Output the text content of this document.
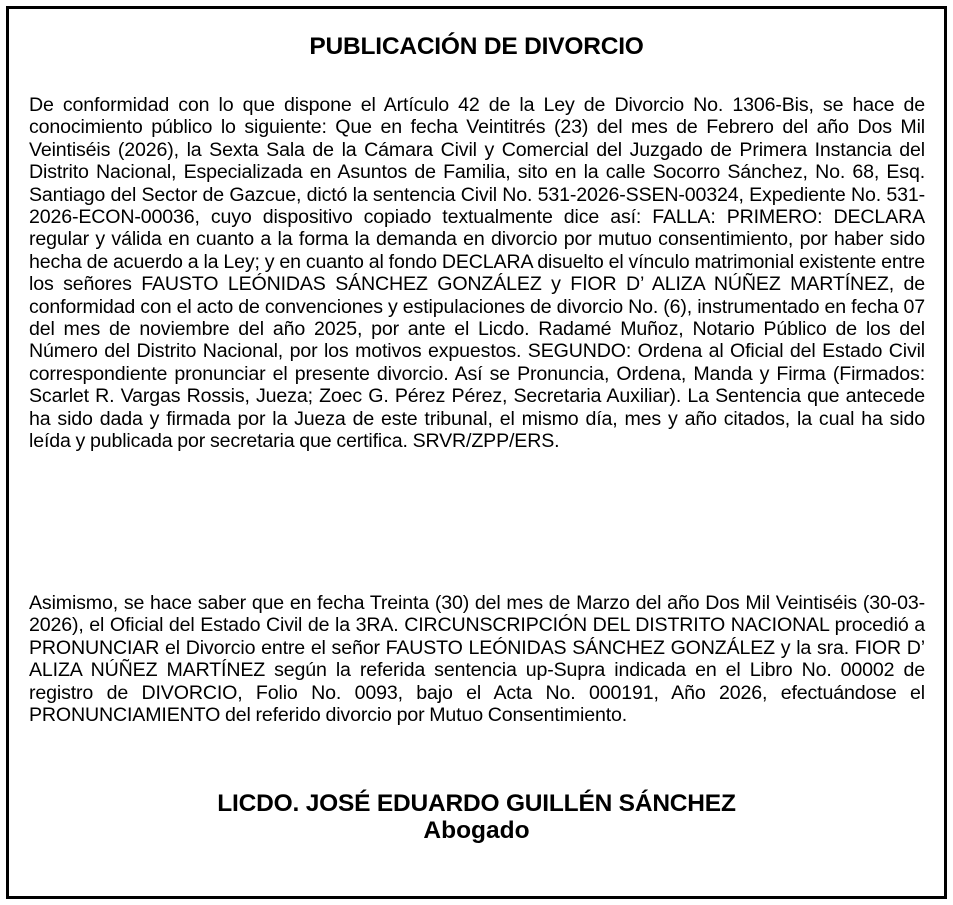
PUBLICACIÓN DE DIVORCIO

De conformidad con lo que dispone el Artículo 42 de la Ley de Divorcio No. 1306-Bis, se hace de conocimiento público lo siguiente: Que en fecha Veintitrés (23) del mes de Febrero del año Dos Mil Veintiséis (2026), la Sexta Sala de la Cámara Civil y Comercial del Juzgado de Primera Instancia del Distrito Nacional, Especializada en Asuntos de Familia, sito en la calle Socorro Sánchez, No. 68, Esq. Santiago del Sector de Gazcue, dictó la sentencia Civil No. 531-2026-SSEN-00324, Expediente No. 531-2026-ECON-00036, cuyo dispositivo copiado textualmente dice así: FALLA: PRIMERO: DECLARA regular y válida en cuanto a la forma la demanda en divorcio por mutuo consentimiento, por haber sido hecha de acuerdo a la Ley; y en cuanto al fondo DECLARA disuelto el vínculo matrimonial existente entre los señores FAUSTO LEÓNIDAS SÁNCHEZ GONZÁLEZ y FIOR D’ ALIZA NÚÑEZ MARTÍNEZ, de conformidad con el acto de convenciones y estipulaciones de divorcio No. (6), instrumentado en fecha 07 del mes de noviembre del año 2025, por ante el Licdo. Radamé Muñoz, Notario Público de los del Número del Distrito Nacional, por los motivos expuestos. SEGUNDO: Ordena al Oficial del Estado Civil correspondiente pronunciar el presente divorcio. Así se Pronuncia, Ordena, Manda y Firma (Firmados: Scarlet R. Vargas Rossis, Jueza; Zoec G. Pérez Pérez, Secretaria Auxiliar). La Sentencia que antecede ha sido dada y firmada por la Jueza de este tribunal, el mismo día, mes y año citados, la cual ha sido leída y publicada por secretaria que certifica. SRVR/ZPP/ERS.

Asimismo, se hace saber que en fecha Treinta (30) del mes de Marzo del año Dos Mil Veintiséis (30-03-2026), el Oficial del Estado Civil de la 3RA. CIRCUNSCRIPCIÓN DEL DISTRITO NACIONAL procedió a PRONUNCIAR el Divorcio entre el señor FAUSTO LEÓNIDAS SÁNCHEZ GONZÁLEZ y la sra. FIOR D’ ALIZA NÚÑEZ MARTÍNEZ según la referida sentencia up-Supra indicada en el Libro No. 00002 de registro de DIVORCIO, Folio No. 0093, bajo el Acta No. 000191, Año 2026, efectuándose el PRONUNCIAMIENTO del referido divorcio por Mutuo Consentimiento.

LICDO. JOSÉ EDUARDO GUILLÉN SÁNCHEZ
Abogado
